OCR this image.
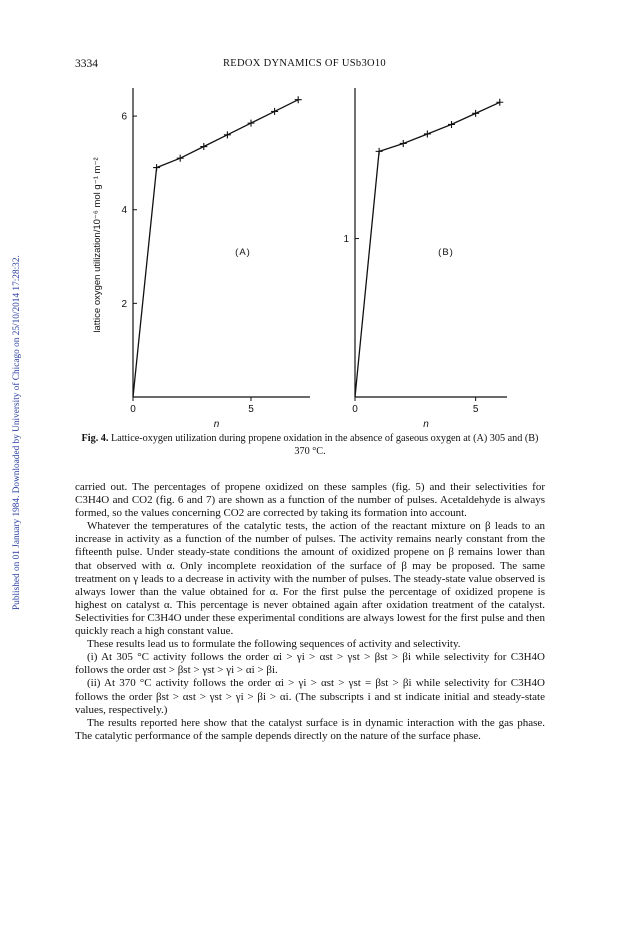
Published on 01 January 1984. Downloaded by University of Chicago on 25/10/2014 17:28:32.
3334	REDOX DYNAMICS OF USb3O10
0	5
2
4
6
n
lattice oxygen utilization/10⁻⁶ mol g⁻¹ m⁻²	(A)
0	5
1
n
(B)
Fig. 4. Lattice-oxygen utilization during propene oxidation in the absence of gaseous oxygen at (A) 305 and (B) 370 °C.

carried out. The percentages of propene oxidized on these samples (fig. 5) and their selectivities for C3H4O and CO2 (fig. 6 and 7) are shown as a function of the number of pulses. Acetaldehyde is always formed, so the values concerning CO2 are corrected by taking its formation into account.

Whatever the temperatures of the catalytic tests, the action of the reactant mixture on β leads to an increase in activity as a function of the number of pulses. The activity remains nearly constant from the fifteenth pulse. Under steady-state conditions the amount of oxidized propene on β remains lower than that observed with α. Only incomplete reoxidation of the surface of β may be proposed. The same treatment on γ leads to a decrease in activity with the number of pulses. The steady-state value observed is always lower than the value obtained for α. For the first pulse the percentage of oxidized propene is highest on catalyst α. This percentage is never obtained again after oxidation treatment of the catalyst. Selectivities for C3H4O under these experimental conditions are always lowest for the first pulse and then quickly reach a high constant value.

These results lead us to formulate the following sequences of activity and selectivity.

(i) At 305 °C activity follows the order αi > γi > αst > γst > βst > βi while selectivity for C3H4O follows the order αst > βst > γst > γi > αi > βi.

(ii) At 370 °C activity follows the order αi > γi > αst > γst = βst > βi while selectivity for C3H4O follows the order βst > αst > γst > γi > βi > αi. (The subscripts i and st indicate initial and steady-state values, respectively.)

The results reported here show that the catalyst surface is in dynamic interaction with the gas phase. The catalytic performance of the sample depends directly on the nature of the surface phase.
